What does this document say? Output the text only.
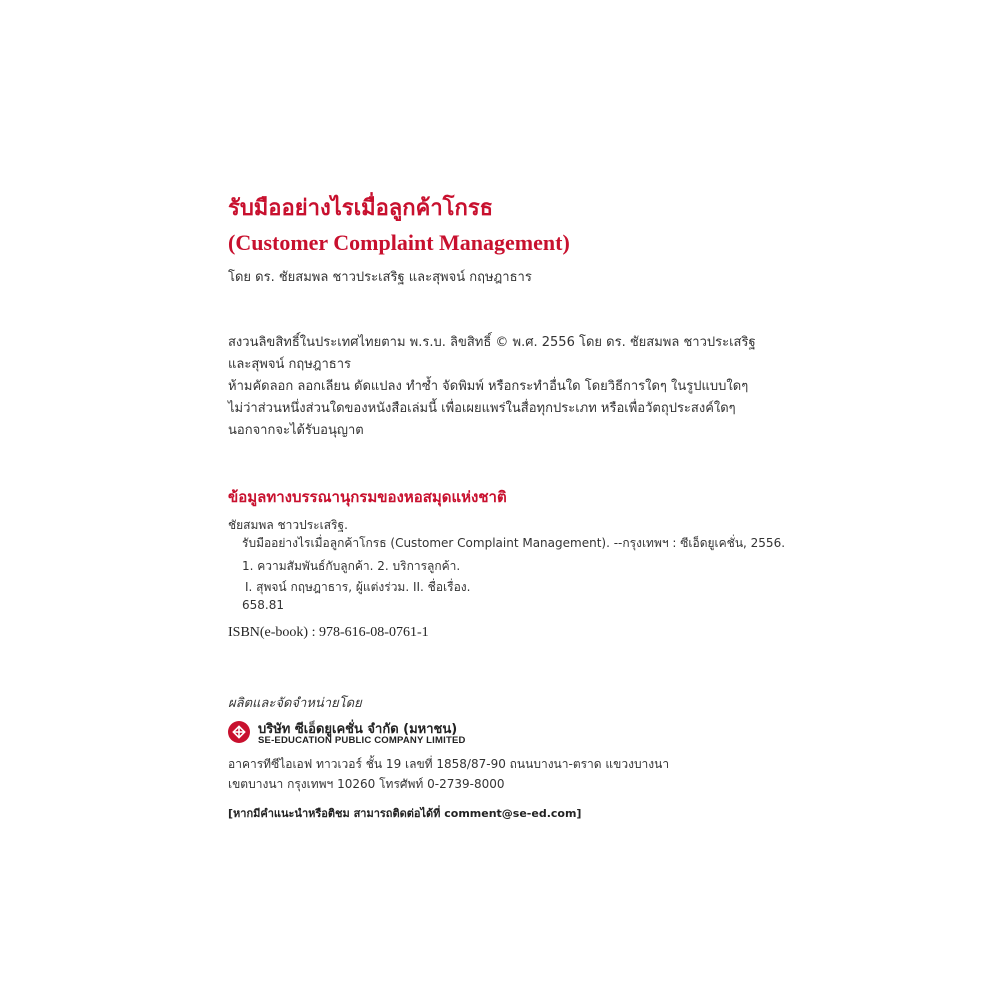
รับมืออย่างไรเมื่อลูกค้าโกรธ
(Customer Complaint Management)
โดย ดร. ชัยสมพล ชาวประเสริฐ และสุพจน์ กฤษฎาธาร
สงวนลิขสิทธิ์ในประเทศไทยตาม พ.ร.บ. ลิขสิทธิ์ © พ.ศ. 2556 โดย ดร. ชัยสมพล ชาวประเสริฐ
และสุพจน์ กฤษฎาธาร
ห้ามคัดลอก ลอกเลียน ดัดแปลง ทำซ้ำ จัดพิมพ์ หรือกระทำอื่นใด โดยวิธีการใดๆ ในรูปแบบใดๆ
ไม่ว่าส่วนหนึ่งส่วนใดของหนังสือเล่มนี้ เพื่อเผยแพร่ในสื่อทุกประเภท หรือเพื่อวัตถุประสงค์ใดๆ
นอกจากจะได้รับอนุญาต
ข้อมูลทางบรรณานุกรมของหอสมุดแห่งชาติ
ชัยสมพล ชาวประเสริฐ.
รับมืออย่างไรเมื่อลูกค้าโกรธ (Customer Complaint Management). --กรุงเทพฯ : ซีเอ็ดยูเคชั่น, 2556.
1. ความสัมพันธ์กับลูกค้า. 2. บริการลูกค้า.
I. สุพจน์ กฤษฎาธาร, ผู้แต่งร่วม. II. ชื่อเรื่อง.
658.81
ISBN(e-book) : 978-616-08-0761-1
ผลิตและจัดจำหน่ายโดย
บริษัท ซีเอ็ดยูเคชั่น จำกัด (มหาชน)
SE-EDUCATION PUBLIC COMPANY LIMITED
อาคารทีซีไอเอฟ ทาวเวอร์ ชั้น 19 เลขที่ 1858/87-90 ถนนบางนา-ตราด แขวงบางนา
เขตบางนา กรุงเทพฯ 10260 โทรศัพท์ 0-2739-8000
[หากมีคำแนะนำหรือติชม สามารถติดต่อได้ที่ comment@se-ed.com]
